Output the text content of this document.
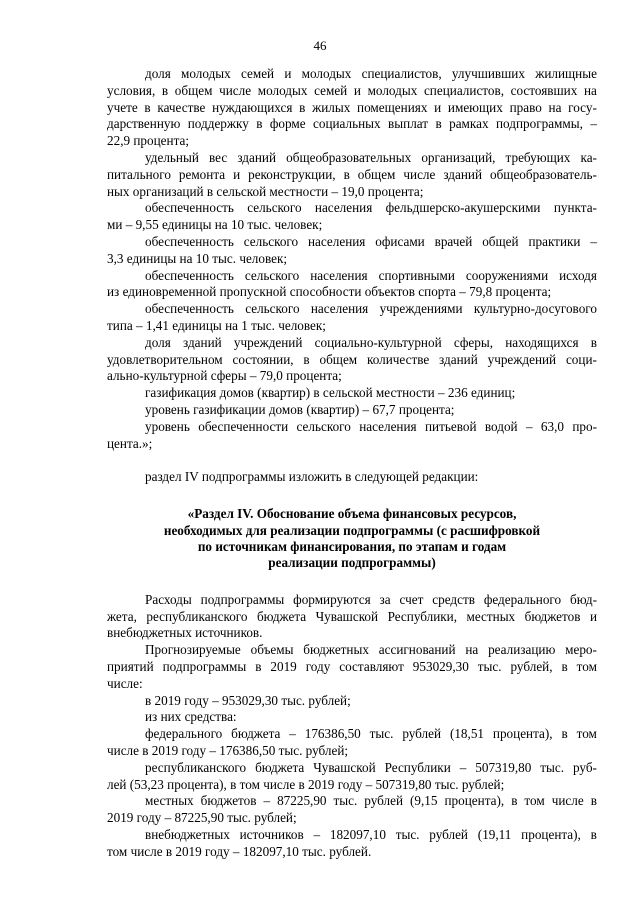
46
доля молодых семей и молодых специалистов, улучшивших жилищные
условия, в общем числе молодых семей и молодых специалистов, состоявших на
учете в качестве нуждающихся в жилых помещениях и имеющих право на госу-
дарственную поддержку в форме социальных выплат в рамках подпрограммы, –
22,9 процента;
удельный вес зданий общеобразовательных организаций, требующих ка-
питального ремонта и реконструкции, в общем числе зданий общеобразователь-
ных организаций в сельской местности – 19,0 процента;
обеспеченность сельского населения фельдшерско-акушерскими пункта-
ми – 9,55 единицы на 10 тыс. человек;
обеспеченность сельского населения офисами врачей общей практики –
3,3 единицы на 10 тыс. человек;
обеспеченность сельского населения спортивными сооружениями исходя
из единовременной пропускной способности объектов спорта – 79,8 процента;
обеспеченность сельского населения учреждениями культурно-досугового
типа – 1,41 единицы на 1 тыс. человек;
доля зданий учреждений социально-культурной сферы, находящихся в
удовлетворительном состоянии, в общем количестве зданий учреждений соци-
ально-культурной сферы – 79,0 процента;
газификация домов (квартир) в сельской местности – 236 единиц;
уровень газификации домов (квартир) – 67,7 процента;
уровень обеспеченности сельского населения питьевой водой – 63,0 про-
цента.»;
раздел IV подпрограммы изложить в следующей редакции:
«Раздел IV. Обоснование объема финансовых ресурсов,
необходимых для реализации подпрограммы (с расшифровкой
по источникам финансирования, по этапам и годам
реализации подпрограммы)
Расходы подпрограммы формируются за счет средств федерального бюд-
жета, республиканского бюджета Чувашской Республики, местных бюджетов и
внебюджетных источников.
Прогнозируемые объемы бюджетных ассигнований на реализацию меро-
приятий подпрограммы в 2019 году составляют 953029,30 тыс. рублей, в том
числе:
в 2019 году – 953029,30 тыс. рублей;
из них средства:
федерального бюджета – 176386,50 тыс. рублей (18,51 процента), в том
числе в 2019 году – 176386,50 тыс. рублей;
республиканского бюджета Чувашской Республики – 507319,80 тыс. руб-
лей (53,23 процента), в том числе в 2019 году – 507319,80 тыс. рублей;
местных бюджетов – 87225,90 тыс. рублей (9,15 процента), в том числе в
2019 году – 87225,90 тыс. рублей;
внебюджетных источников – 182097,10 тыс. рублей (19,11 процента), в
том числе в 2019 году – 182097,10 тыс. рублей.
